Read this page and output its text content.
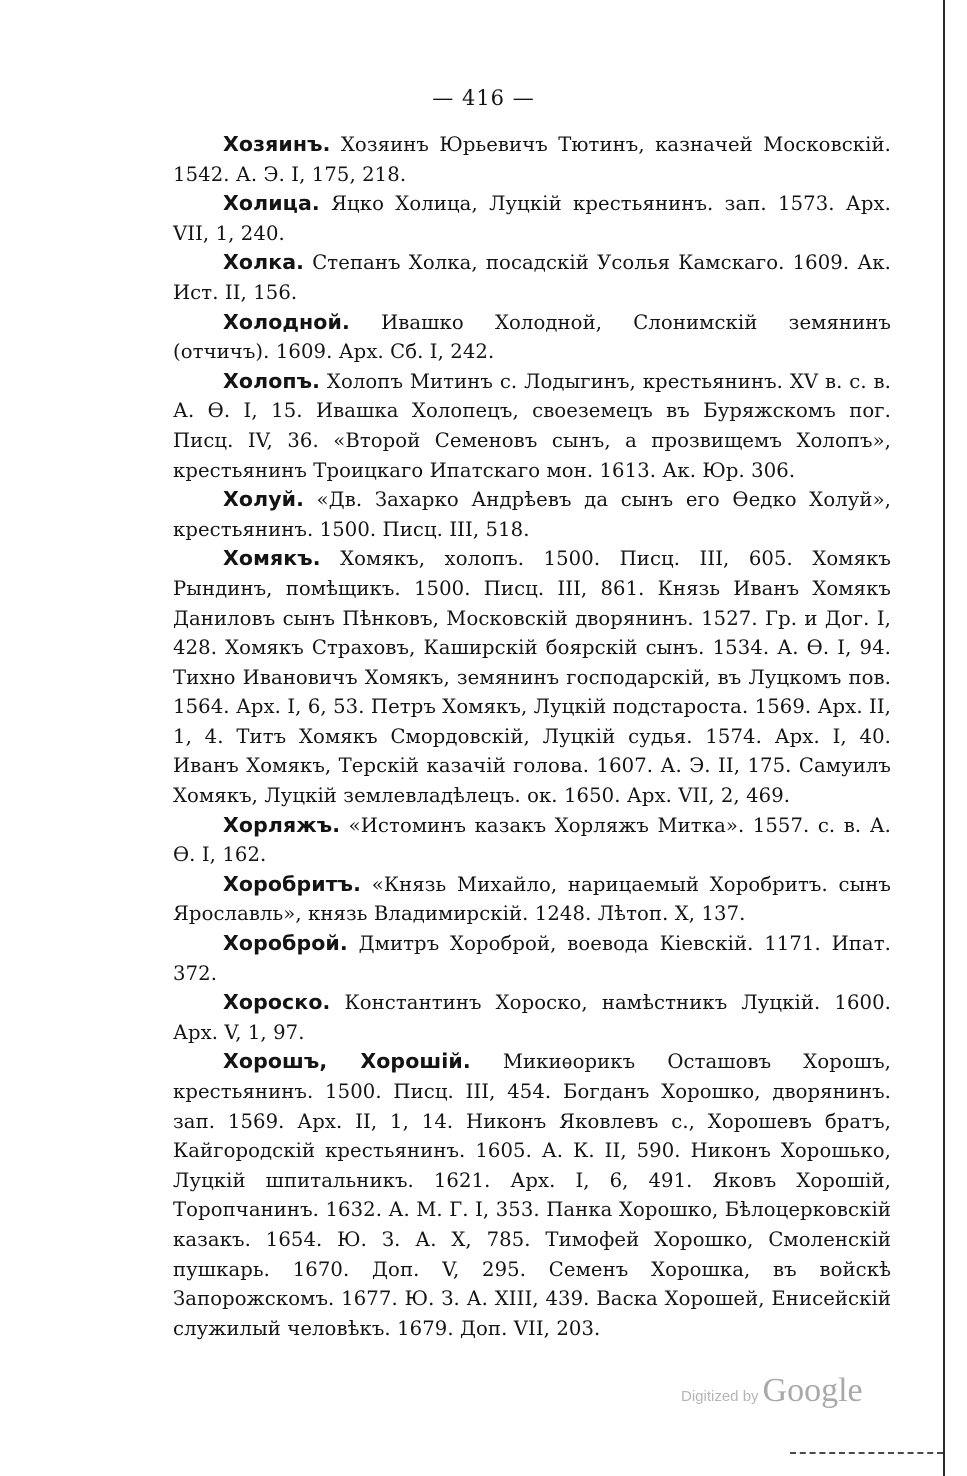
— 416 —

Хозяинъ. Хозяинъ Юрьевичъ Тютинъ, казначей Московскій. 1542. А. Э. I, 175, 218.

Холица. Яцко Холица, Луцкій крестьянинъ. зап. 1573. Арх. VII, 1, 240.

Холка. Степанъ Холка, посадскій Усолья Камскаго. 1609. Ак. Ист. II, 156.

Холодной. Ивашко Холодной, Слонимскій земянинъ (отчичъ). 1609. Арх. Сб. I, 242.

Холопъ. Холопъ Митинъ с. Лодыгинъ, крестьянинъ. XV в. с. в. А. Ѳ. I, 15. Ивашка Холопецъ, своеземецъ въ Буряжскомъ пог. Писц. IV, 36. «Второй Семеновъ сынъ, а прозвищемъ Холопъ», крестьянинъ Троицкаго Ипатскаго мон. 1613. Ак. Юр. 306.

Холуй. «Дв. Захарко Андрѣевъ да сынъ его Ѳедко Холуй», крестьянинъ. 1500. Писц. III, 518.

Хомякъ. Хомякъ, холопъ. 1500. Писц. III, 605. Хомякъ Рындинъ, помѣщикъ. 1500. Писц. III, 861. Князь Иванъ Хомякъ Даниловъ сынъ Пѣнковъ, Московскій дворянинъ. 1527. Гр. и Дог. I, 428. Хомякъ Страховъ, Каширскій боярскій сынъ. 1534. А. Ѳ. I, 94. Тихно Ивановичъ Хомякъ, земянинъ господарскій, въ Луцкомъ пов. 1564. Арх. I, 6, 53. Петръ Хомякъ, Луцкій подстароста. 1569. Арх. II, 1, 4. Титъ Хомякъ Смордовскій, Луцкій судья. 1574. Арх. I, 40. Иванъ Хомякъ, Терскій казачій голова. 1607. А. Э. II, 175. Самуилъ Хомякъ, Луцкій землевладѣлецъ. ок. 1650. Арх. VII, 2, 469.

Хорляжъ. «Истоминъ казакъ Хорляжъ Митка». 1557. с. в. А. Ѳ. I, 162.

Хоробритъ. «Князь Михайло, нарицаемый Хоробритъ. сынъ Ярославль», князь Владимирскій. 1248. Лѣтоп. X, 137.

Хороброй. Дмитръ Хороброй, воевода Кіевскій. 1171. Ипат. 372.

Хороско. Константинъ Хороско, намѣстникъ Луцкій. 1600. Арх. V, 1, 97.

Хорошъ, Хорошій. Микиѳорикъ Осташовъ Хорошъ, крестьянинъ. 1500. Писц. III, 454. Богданъ Хорошко, дворянинъ. зап. 1569. Арх. II, 1, 14. Никонъ Яковлевъ с., Хорошевъ братъ, Кайгородскій крестьянинъ. 1605. А. К. II, 590. Никонъ Хорошько, Луцкій шпитальникъ. 1621. Арх. I, 6, 491. Яковъ Хорошій, Торопчанинъ. 1632. А. М. Г. I, 353. Панка Хорошко, Бѣлоцерковскій казакъ. 1654. Ю. З. А. X, 785. Тимофей Хорошко, Смоленскій пушкарь. 1670. Доп. V, 295. Семенъ Хорошка, въ войскѣ Запорожскомъ. 1677. Ю. З. А. XIII, 439. Васка Хорошей, Енисейскій служилый человѣкъ. 1679. Доп. VII, 203.

Digitized by Google
